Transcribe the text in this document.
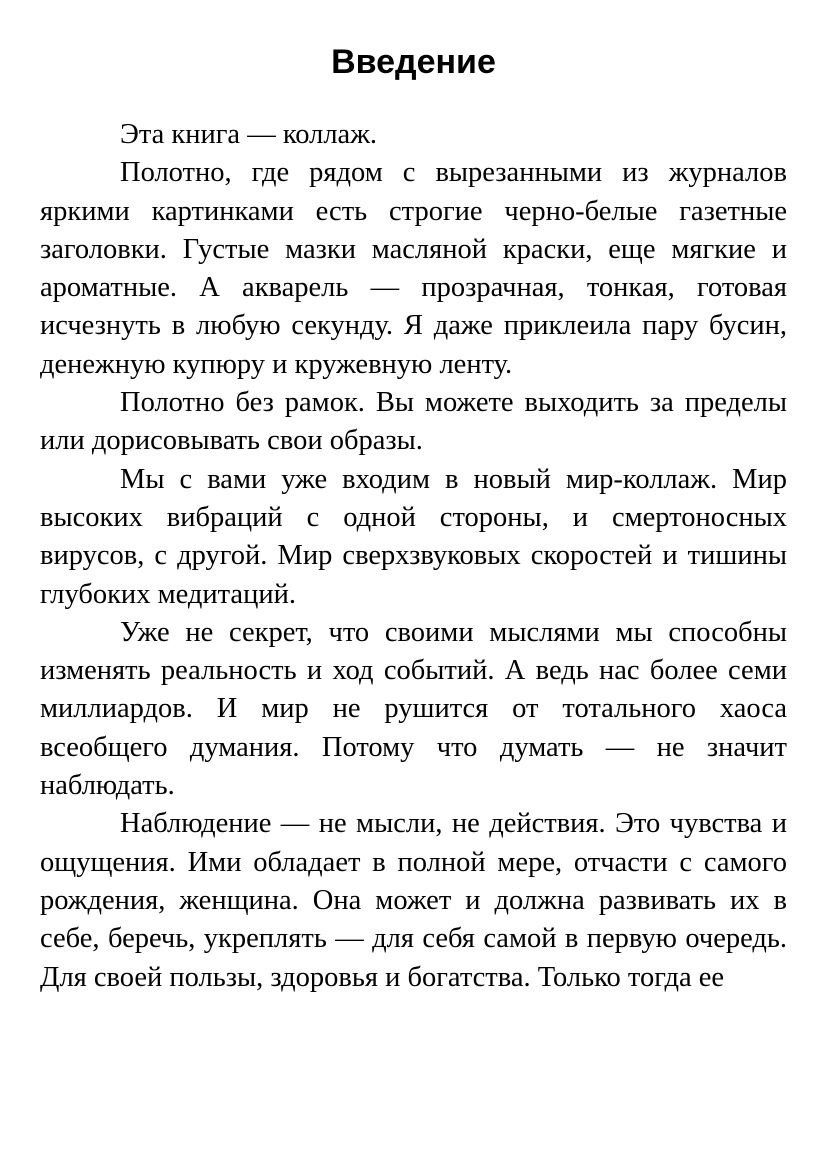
Введение

Эта книга — коллаж.

Полотно, где рядом с вырезанными из журналов яркими картинками есть строгие черно-белые газетные заголовки. Густые мазки масляной краски, еще мягкие и ароматные. А акварель — прозрачная, тонкая, готовая исчезнуть в любую секунду. Я даже приклеила пару бусин, денежную купюру и кружевную ленту.

Полотно без рамок. Вы можете выходить за пределы или дорисовывать свои образы.

Мы с вами уже входим в новый мир-коллаж. Мир высоких вибраций с одной стороны, и смертоносных вирусов, с другой. Мир сверхзвуковых скоростей и тишины глубоких медитаций.

Уже не секрет, что своими мыслями мы способны изменять реальность и ход событий. А ведь нас более семи миллиардов. И мир не рушится от тотального хаоса всеобщего думания. Потому что думать — не значит наблюдать.

Наблюдение — не мысли, не действия. Это чувства и ощущения. Ими обладает в полной мере, отчасти с самого рождения, женщина. Она может и должна развивать их в себе, беречь, укреплять — для себя самой в первую очередь. Для своей пользы, здоровья и богатства. Только тогда ее
